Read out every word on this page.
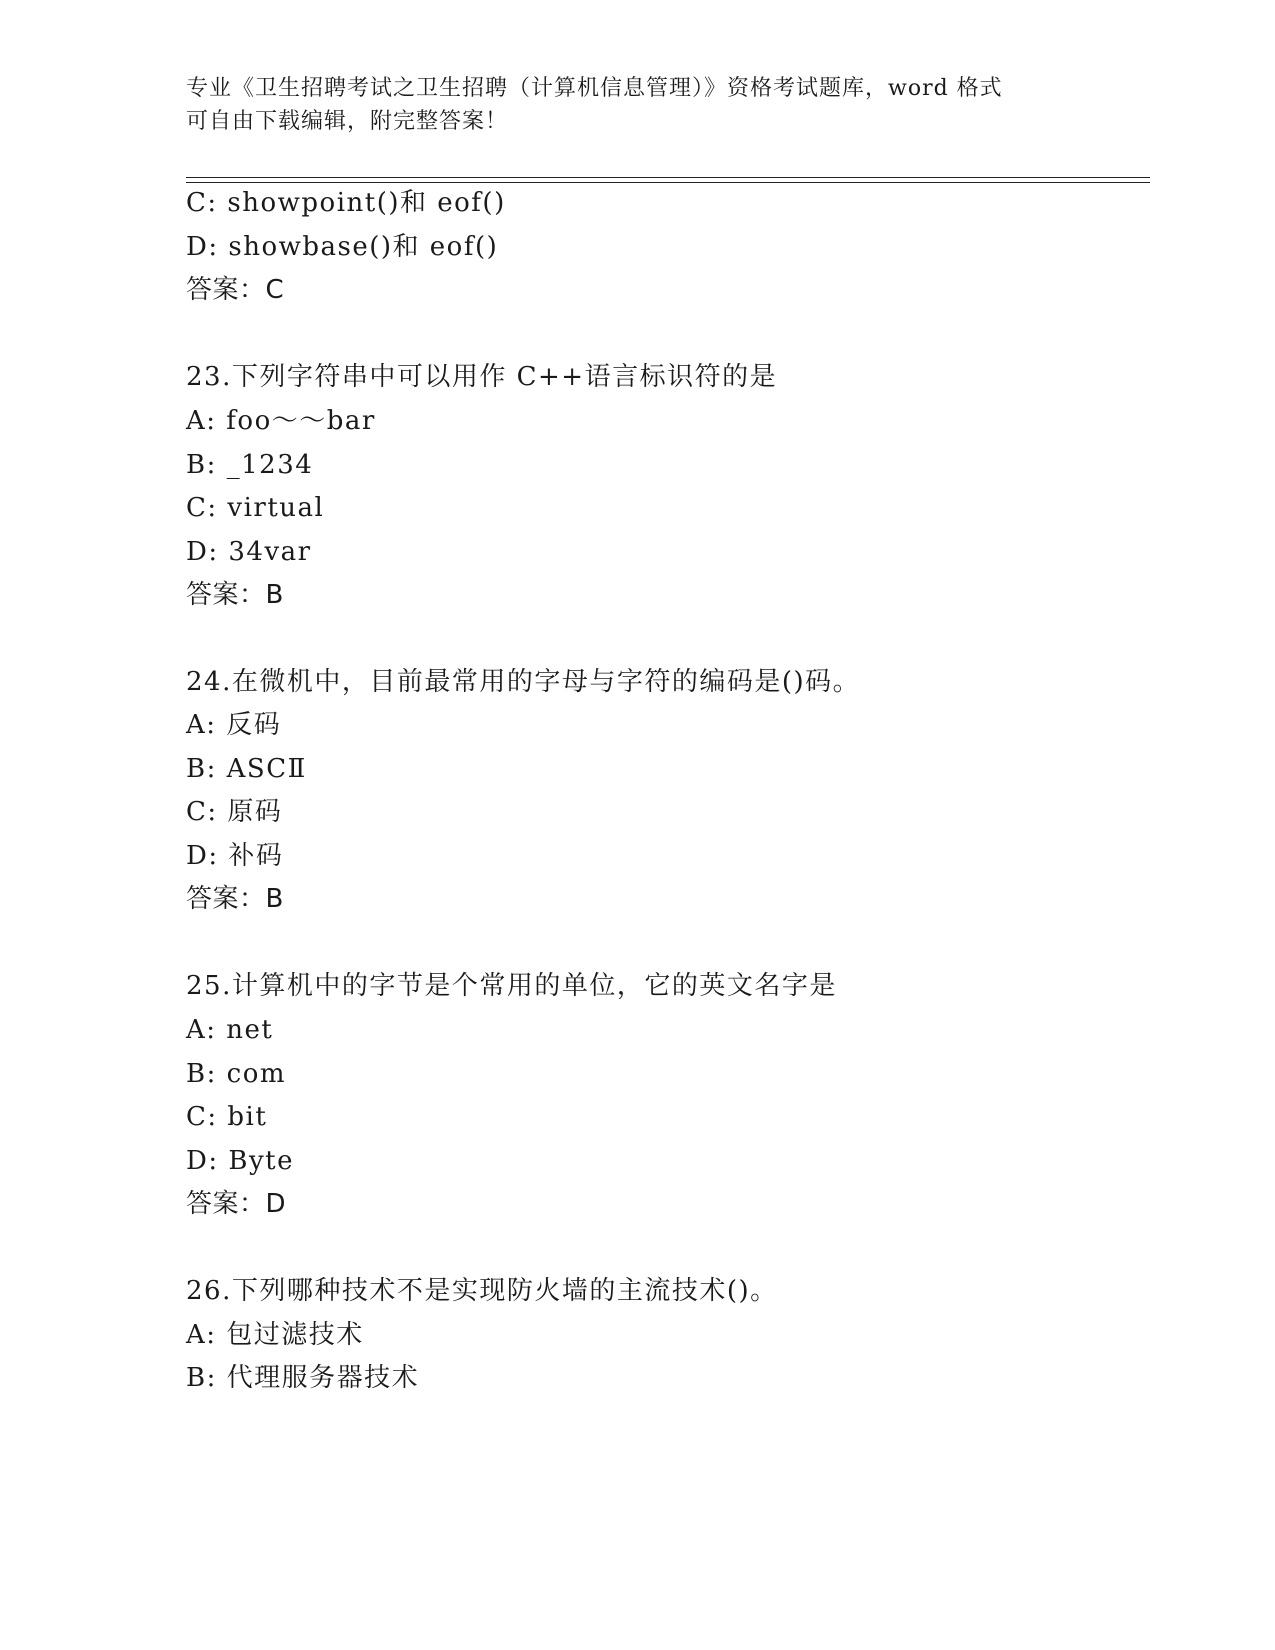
专业《卫生招聘考试之卫生招聘（计算机信息管理）》资格考试题库，word 格式
可自由下载编辑，附完整答案！
C: showpoint()和 eof()
D: showbase()和 eof()
答案：C
23.下列字符串中可以用作 C++语言标识符的是
A: foo～～bar
B: _1234
C: virtual
D: 34var
答案：B
24.在微机中，目前最常用的字母与字符的编码是()码。
A: 反码
B: ASCⅡ
C: 原码
D: 补码
答案：B
25.计算机中的字节是个常用的单位，它的英文名字是
A: net
B: com
C: bit
D: Byte
答案：D
26.下列哪种技术不是实现防火墙的主流技术()。
A: 包过滤技术
B: 代理服务器技术
